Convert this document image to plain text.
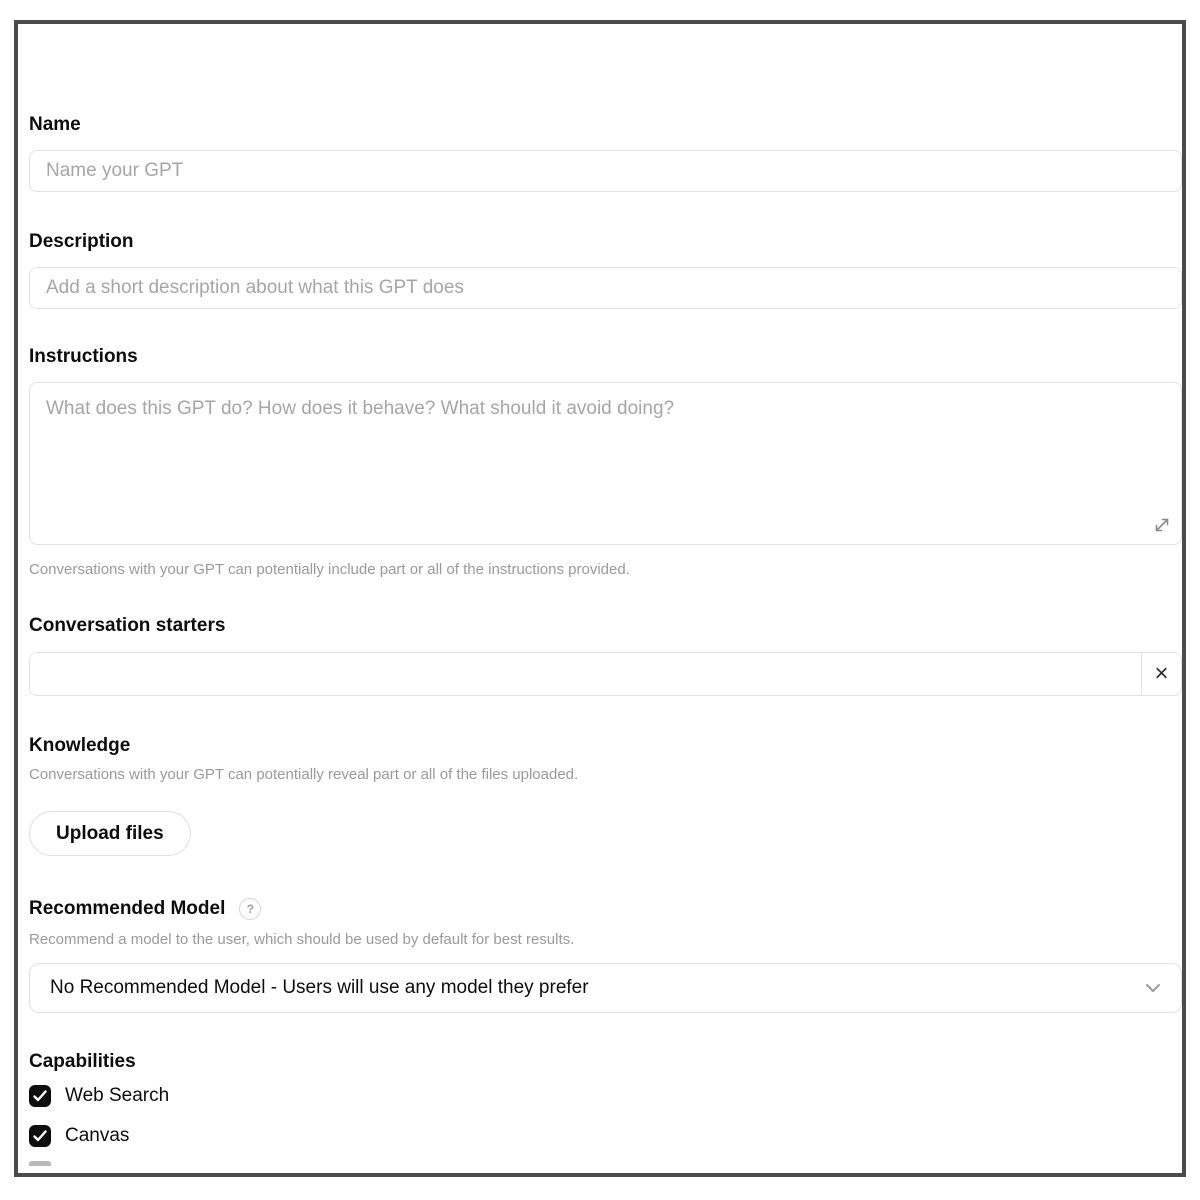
Name
Name your GPT
Description
Add a short description about what this GPT does
Instructions
What does this GPT do? How does it behave? What should it avoid doing?
Conversations with your GPT can potentially include part or all of the instructions provided.
Conversation starters
×
Knowledge
Conversations with your GPT can potentially reveal part or all of the files uploaded.
Upload files
Recommended Model	?
Recommend a model to the user, which should be used by default for best results.
No Recommended Model - Users will use any model they prefer
Capabilities
Web Search
Canvas
